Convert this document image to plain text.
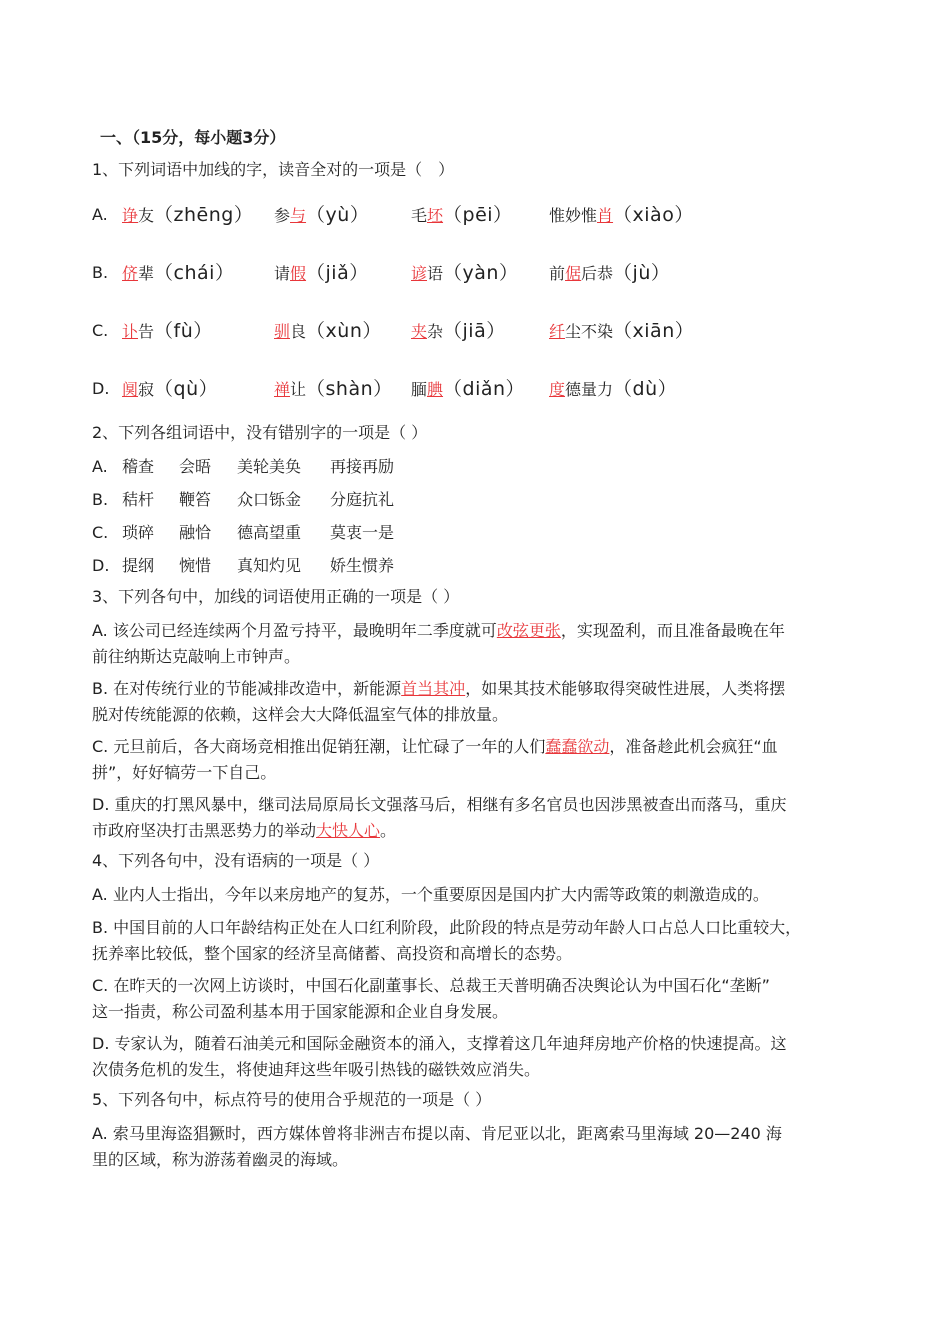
一、（15分，每小题3分）
1、下列词语中加线的字，读音全对的一项是（　）
A. 诤友（zhēng） 参与（yù）	毛坯（pēi） 惟妙惟肖（xiào）
B. 侪辈（chái） 请假（jiǎ）	谚语（yàn） 前倨后恭（jù）
C. 讣告（fù）	驯良（xùn） 夹杂（jiā）	纤尘不染（xiān）
D. 阒寂（qù）	禅让（shàn） 腼腆（diǎn） 度德量力（dù）
2、下列各组词语中，没有错别字的一项是（ ）
A. 稽查 会晤 美轮美奂 再接再励
B. 秸杆 鞭笞 众口铄金 分庭抗礼
C. 琐碎 融恰 德高望重 莫衷一是
D. 提纲 惋惜 真知灼见 娇生惯养
3、下列各句中，加线的词语使用正确的一项是（ ）
A. 该公司已经连续两个月盈亏持平，最晚明年二季度就可改弦更张，实现盈利，而且准备最晚在年
前往纳斯达克敲响上市钟声。
B. 在对传统行业的节能减排改造中，新能源首当其冲，如果其技术能够取得突破性进展，人类将摆
脱对传统能源的依赖，这样会大大降低温室气体的排放量。
C. 元旦前后，各大商场竞相推出促销狂潮，让忙碌了一年的人们蠢蠢欲动，准备趁此机会疯狂“血
拼”，好好犒劳一下自己。
D. 重庆的打黑风暴中，继司法局原局长文强落马后，相继有多名官员也因涉黑被查出而落马，重庆
市政府坚决打击黑恶势力的举动大快人心。
4、下列各句中，没有语病的一项是（ ）
A. 业内人士指出，今年以来房地产的复苏，一个重要原因是国内扩大内需等政策的刺激造成的。
B. 中国目前的人口年龄结构正处在人口红利阶段，此阶段的特点是劳动年龄人口占总人口比重较大，
抚养率比较低，整个国家的经济呈高储蓄、高投资和高增长的态势。
C. 在昨天的一次网上访谈时，中国石化副董事长、总裁王天普明确否决舆论认为中国石化“垄断”
这一指责，称公司盈利基本用于国家能源和企业自身发展。
D. 专家认为，随着石油美元和国际金融资本的涌入，支撑着这几年迪拜房地产价格的快速提高。这
次债务危机的发生，将使迪拜这些年吸引热钱的磁铁效应消失。
5、下列各句中，标点符号的使用合乎规范的一项是（ ）
A. 索马里海盗猖獗时，西方媒体曾将非洲吉布提以南、肯尼亚以北，距离索马里海域 20—240 海
里的区域，称为游荡着幽灵的海域。
